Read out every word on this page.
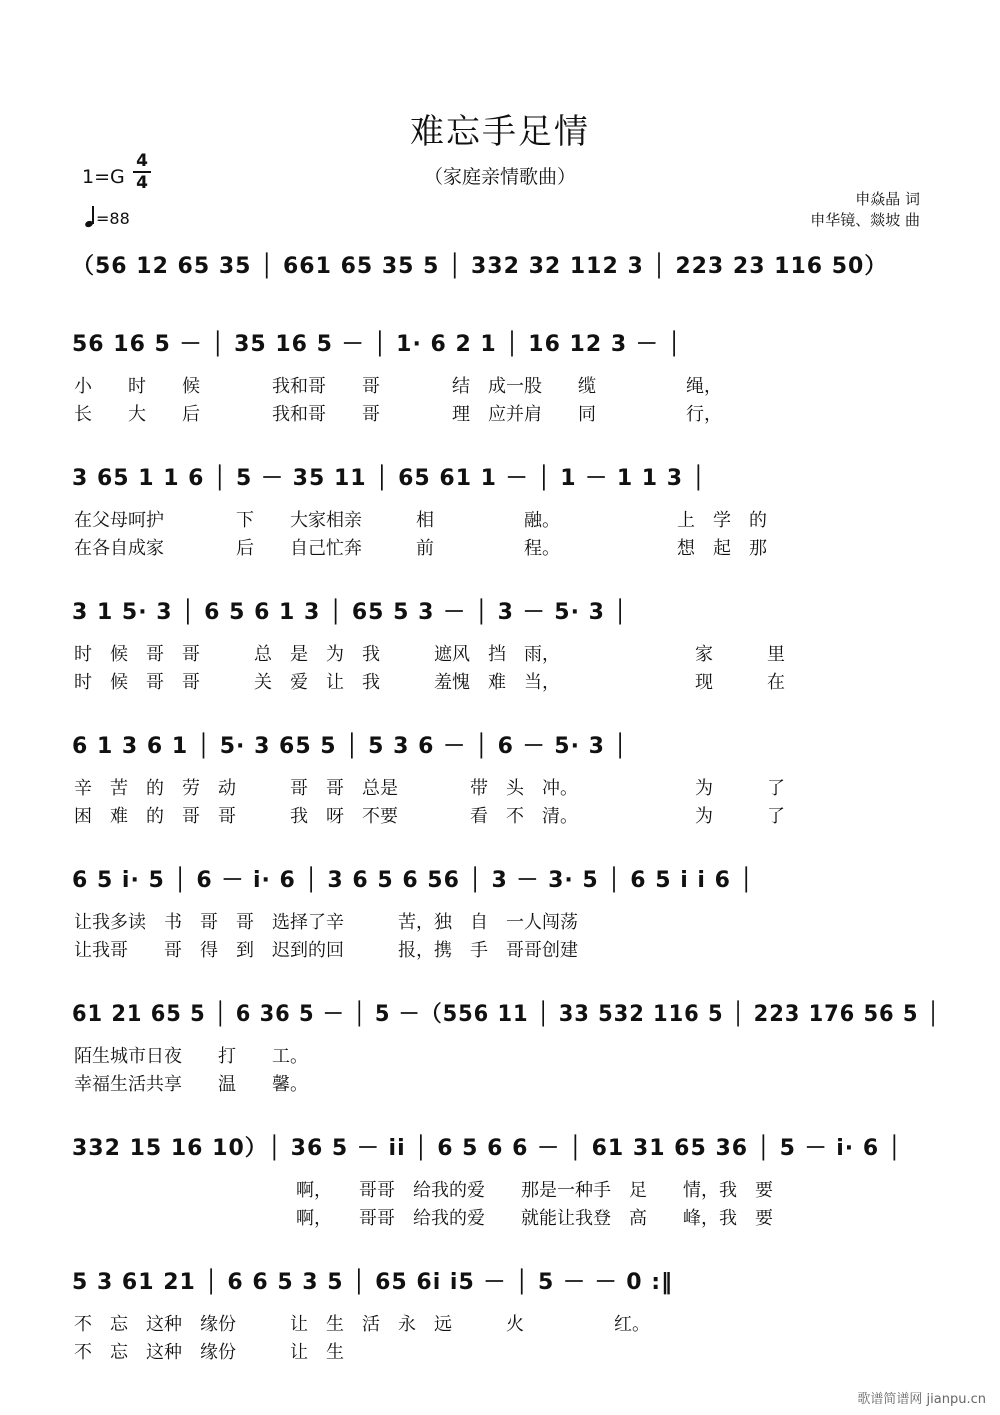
难忘手足情
（家庭亲情歌曲）
1=G
4
4
=88
申焱晶 词
申华镜、燚坡 曲
（56 12 65 35 │ 661 65 35 5 │ 332 32 112 3 │ 223 23 116 50）
56 16 5 － │ 35 16 5 － │ 1· 6 2 1 │ 16 12 3 － │
小　　时　　候　　　　我和哥　　哥　　　　结　成一股　　缆　　　　　绳，
长　　大　　后　　　　我和哥　　哥　　　　理　应并肩　　同　　　　　行，
3 65 1 1 6 │ 5 － 35 11 │ 65 61 1 － │ 1 － 1 1 3 │
在父母呵护　　　　下　　大家相亲　　　相　　　　　融。　　　　　　　上　学　的
在各自成家　　　　后　　自己忙奔　　　前　　　　　程。　　　　　　　想　起　那
3 1 5· 3 │ 6 5 6 1 3 │ 65 5 3 － │ 3 － 5· 3 │
时　候　哥　哥　　　总　是　为　我　　　遮风　挡　雨，　　　　　　　　家　　　里
时　候　哥　哥　　　关　爱　让　我　　　羞愧　难　当，　　　　　　　　现　　　在
6 1 3 6 1 │ 5· 3 65 5 │ 5 3 6 － │ 6 － 5· 3 │
辛　苦　的　劳　动　　　哥　哥　总是　　　　带　头　冲。　　　　　　　为　　　了
困　难　的　哥　哥　　　我　呀　不要　　　　看　不　清。　　　　　　　为　　　了
6 5 i· 5 │ 6 － i· 6 │ 3 6 5 6 56 │ 3 － 3· 5 │ 6 5 i i 6 │
让我多读　书　哥　哥　选择了辛　　　苦，独　自　一人闯荡
让我哥　　哥　得　到　迟到的回　　　报，携　手　哥哥创建
61 21 65 5 │ 6 36 5 － │ 5 －（556 11 │ 33 532 116 5 │ 223 176 56 5 │
陌生城市日夜　　打　　工。
幸福生活共享　　温　　馨。
332 15 16 10）│ 36 5 － ii │ 6 5 6 6 － │ 61 31 65 36 │ 5 － i· 6 │
啊，　　哥哥　给我的爱　　那是一种手　足　　情，我　要
啊，　　哥哥　给我的爱　　就能让我登　高　　峰，我　要
5 3 61 21 │ 6 6 5 3 5 │ 65 6i i5 － │ 5 － － 0 :‖
不　忘　这种　缘份　　　让　生　活　永　远　　　火　　　　　红。
不　忘　这种　缘份　　　让　生
歌谱简谱网 jianpu.cn
